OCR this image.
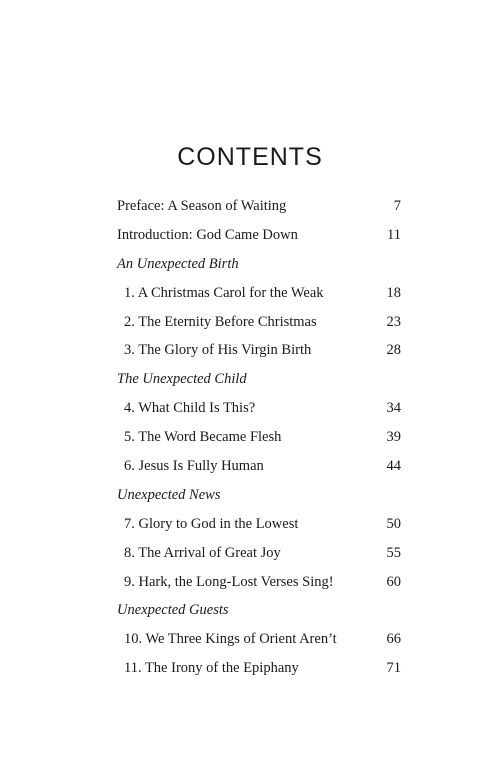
CONTENTS
Preface: A Season of Waiting	7
Introduction: God Came Down	11
An Unexpected Birth
1. A Christmas Carol for the Weak	18
2. The Eternity Before Christmas	23
3. The Glory of His Virgin Birth	28
The Unexpected Child
4. What Child Is This?	34
5. The Word Became Flesh	39
6. Jesus Is Fully Human	44
Unexpected News
7. Glory to God in the Lowest	50
8. The Arrival of Great Joy	55
9. Hark, the Long-Lost Verses Sing!	60
Unexpected Guests
10. We Three Kings of Orient Aren’t	66
11. The Irony of the Epiphany	71
